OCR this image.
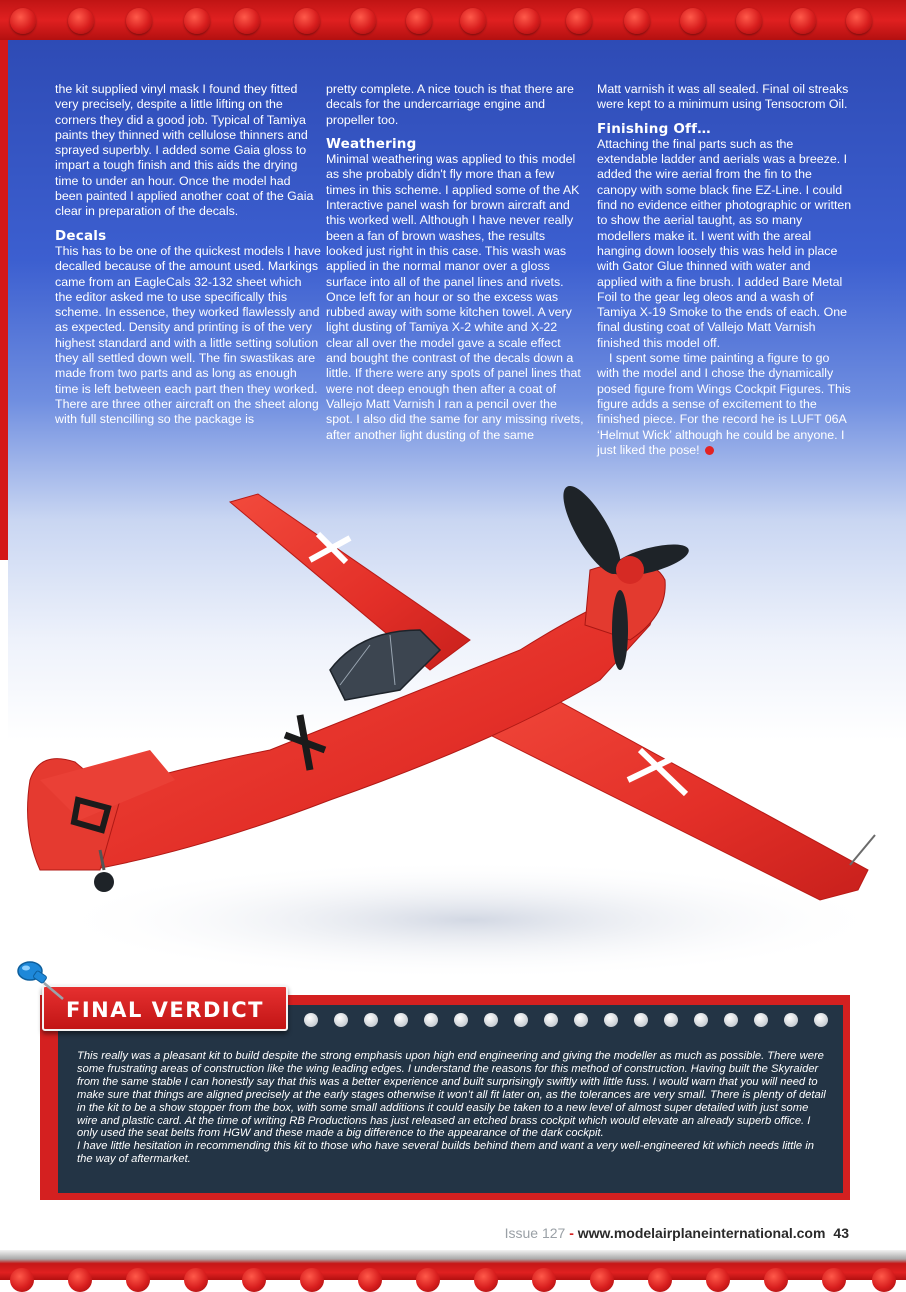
the kit supplied vinyl mask I found they fitted very precisely, despite a little lifting on the corners they did a good job. Typical of Tamiya paints they thinned with cellulose thinners and sprayed superbly. I added some Gaia gloss to impart a tough finish and this aids the drying time to under an hour. Once the model had been painted I applied another coat of the Gaia clear in preparation of the decals.

Decals

This has to be one of the quickest models I have decalled because of the amount used. Markings came from an EagleCals 32-132 sheet which the editor asked me to use specifically this scheme. In essence, they worked flawlessly and as expected. Density and printing is of the very highest standard and with a little setting solution they all settled down well. The fin swastikas are made from two parts and as long as enough time is left between each part then they worked. There are three other aircraft on the sheet along with full stencilling so the package is

pretty complete. A nice touch is that there are decals for the undercarriage engine and propeller too.

Weathering

Minimal weathering was applied to this model as she probably didn't fly more than a few times in this scheme. I applied some of the AK Interactive panel wash for brown aircraft and this worked well. Although I have never really been a fan of brown washes, the results looked just right in this case. This wash was applied in the normal manor over a gloss surface into all of the panel lines and rivets. Once left for an hour or so the excess was rubbed away with some kitchen towel. A very light dusting of Tamiya X-2 white and X-22 clear all over the model gave a scale effect and bought the contrast of the decals down a little. If there were any spots of panel lines that were not deep enough then after a coat of Vallejo Matt Varnish I ran a pencil over the spot. I also did the same for any missing rivets, after another light dusting of the same

Matt varnish it was all sealed. Final oil streaks were kept to a minimum using Tensocrom Oil.

Finishing Off…

Attaching the final parts such as the extendable ladder and aerials was a breeze. I added the wire aerial from the fin to the canopy with some black fine EZ-Line. I could find no evidence either photographic or written to show the aerial taught, as so many modellers make it. I went with the areal hanging down loosely this was held in place with Gator Glue thinned with water and applied with a fine brush. I added Bare Metal Foil to the gear leg oleos and a wash of Tamiya X-19 Smoke to the ends of each. One final dusting coat of Vallejo Matt Varnish finished this model off.

I spent some time painting a figure to go with the model and I chose the dynamically posed figure from Wings Cockpit Figures. This figure adds a sense of excitement to the finished piece. For the record he is LUFT 06A ‘Helmut Wick’ although he could be anyone. I just liked the pose!

FINAL VERDICT

This really was a pleasant kit to build despite the strong emphasis upon high end engineering and giving the modeller as much as possible. There were some frustrating areas of construction like the wing leading edges. I understand the reasons for this method of construction. Having built the Skyraider from the same stable I can honestly say that this was a better experience and built surprisingly swiftly with little fuss. I would warn that you will need to make sure that things are aligned precisely at the early stages otherwise it won’t all fit later on, as the tolerances are very small. There is plenty of detail in the kit to be a show stopper from the box, with some small additions it could easily be taken to a new level of almost super detailed with just some wire and plastic card. At the time of writing RB Productions has just released an etched brass cockpit which would elevate an already superb office. I only used the seat belts from HGW and these made a big difference to the appearance of the dark cockpit.

I have little hesitation in recommending this kit to those who have several builds behind them and want a very well-engineered kit which needs little in the way of aftermarket.

Issue 127 - www.modelairplaneinternational.com 43
